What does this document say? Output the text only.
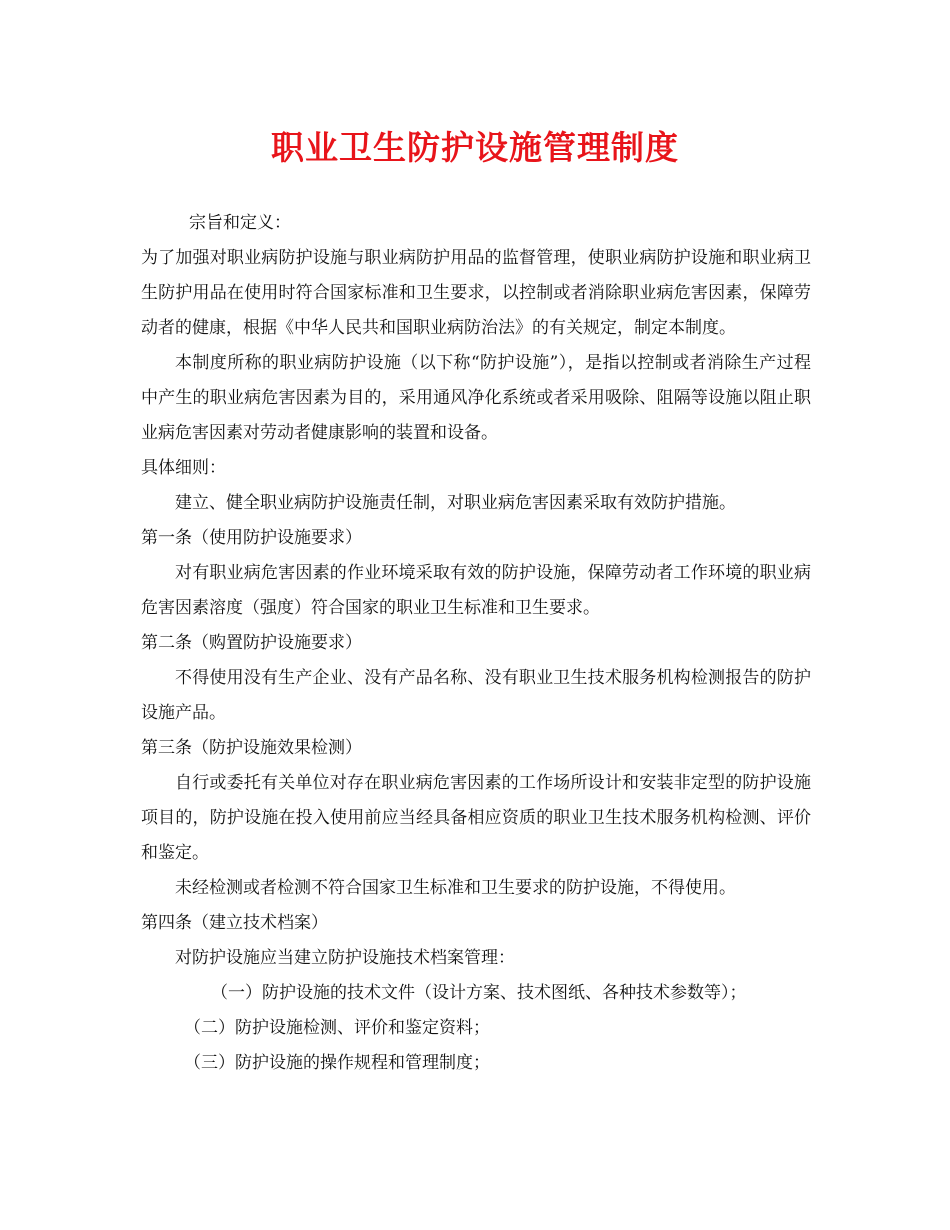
职业卫生防护设施管理制度

宗旨和定义：

为了加强对职业病防护设施与职业病防护用品的监督管理，使职业病防护设施和职业病卫生防护用品在使用时符合国家标准和卫生要求，以控制或者消除职业病危害因素，保障劳动者的健康，根据《中华人民共和国职业病防治法》的有关规定，制定本制度。

本制度所称的职业病防护设施（以下称“防护设施”），是指以控制或者消除生产过程中产生的职业病危害因素为目的，采用通风净化系统或者采用吸除、阻隔等设施以阻止职业病危害因素对劳动者健康影响的装置和设备。

具体细则：

建立、健全职业病防护设施责任制，对职业病危害因素采取有效防护措施。

第一条（使用防护设施要求）

对有职业病危害因素的作业环境采取有效的防护设施，保障劳动者工作环境的职业病危害因素溶度（强度）符合国家的职业卫生标准和卫生要求。

第二条（购置防护设施要求）

不得使用没有生产企业、没有产品名称、没有职业卫生技术服务机构检测报告的防护设施产品。

第三条（防护设施效果检测）

自行或委托有关单位对存在职业病危害因素的工作场所设计和安装非定型的防护设施项目的，防护设施在投入使用前应当经具备相应资质的职业卫生技术服务机构检测、评价和鉴定。

未经检测或者检测不符合国家卫生标准和卫生要求的防护设施，不得使用。

第四条（建立技术档案）

对防护设施应当建立防护设施技术档案管理：

（一）防护设施的技术文件（设计方案、技术图纸、各种技术参数等）；

（二）防护设施检测、评价和鉴定资料；

（三）防护设施的操作规程和管理制度；
